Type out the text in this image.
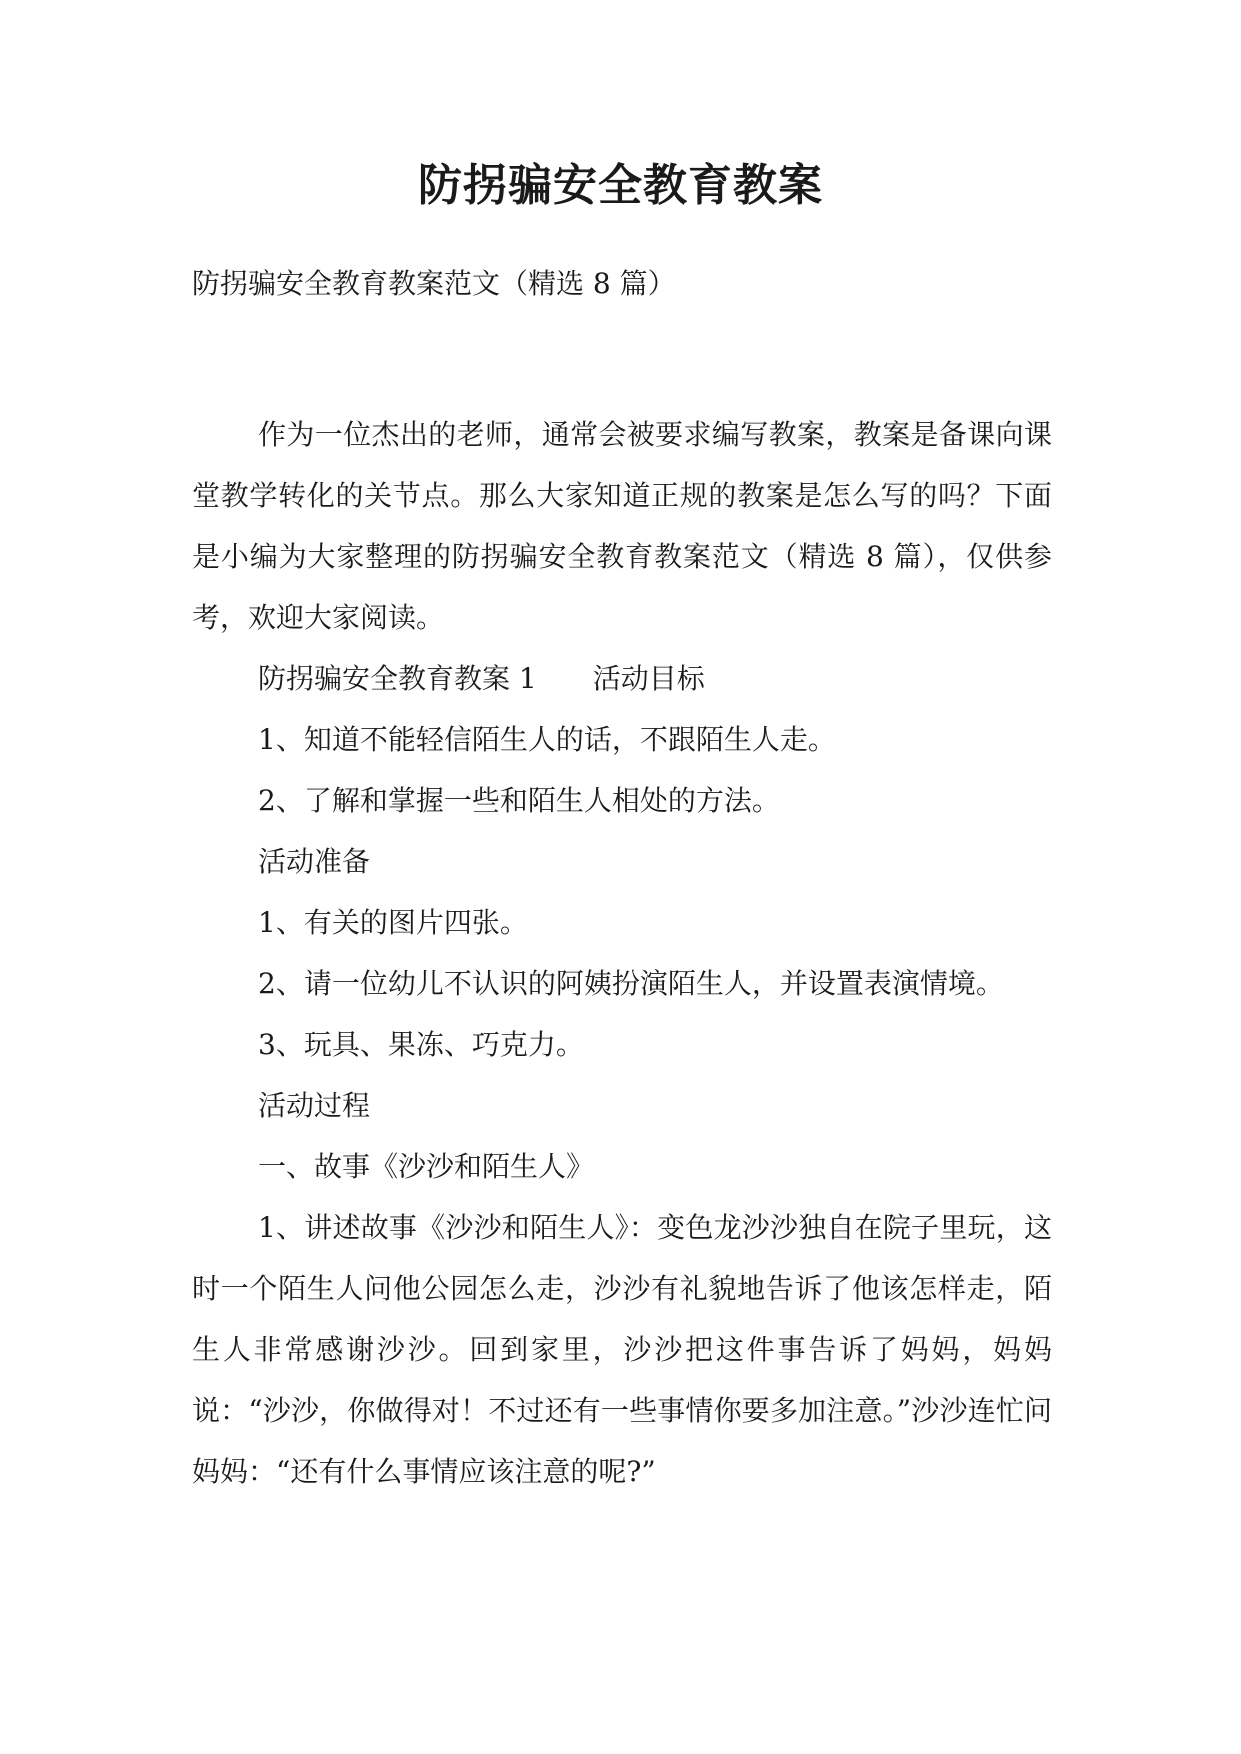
防拐骗安全教育教案

防拐骗安全教育教案范文（精选 8 篇）

作为一位杰出的老师，通常会被要求编写教案，教案是备课向课堂教学转化的关节点。那么大家知道正规的教案是怎么写的吗？下面是小编为大家整理的防拐骗安全教育教案范文（精选 8 篇），仅供参考，欢迎大家阅读。

防拐骗安全教育教案 1　　活动目标

1、知道不能轻信陌生人的话，不跟陌生人走。

2、了解和掌握一些和陌生人相处的方法。

活动准备

1、有关的图片四张。

2、请一位幼儿不认识的阿姨扮演陌生人，并设置表演情境。

3、玩具、果冻、巧克力。

活动过程

一、故事《沙沙和陌生人》

1、讲述故事《沙沙和陌生人》：变色龙沙沙独自在院子里玩，这时一个陌生人问他公园怎么走，沙沙有礼貌地告诉了他该怎样走，陌生人非常感谢沙沙。回到家里，沙沙把这件事告诉了妈妈，妈妈说：“沙沙，你做得对！不过还有一些事情你要多加注意。”沙沙连忙问妈妈：“还有什么事情应该注意的呢?”
